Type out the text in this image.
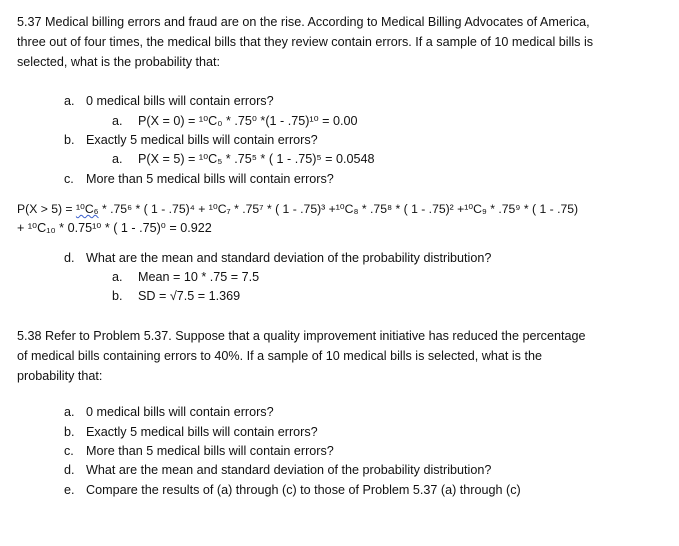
5.37 Medical billing errors and fraud are on the rise. According to Medical Billing Advocates of America,
three out of four times, the medical bills that they review contain errors. If a sample of 10 medical bills is
selected, what is the probability that:
a. 0 medical bills will contain errors?
a. P(X = 0) = ¹⁰C₀ * .75⁰ *(1 - .75)¹⁰ = 0.00
b. Exactly 5 medical bills will contain errors?
a. P(X = 5) = ¹⁰C₅ * .75⁵ * ( 1 - .75)⁵ = 0.0548
c. More than 5 medical bills will contain errors?
P(X > 5) = ¹⁰C₆ * .75⁶ * ( 1 - .75)⁴ + ¹⁰C₇ * .75⁷ * ( 1 - .75)³ +¹⁰C₈ * .75⁸ * ( 1 - .75)² +¹⁰C₉ * .75⁹ * ( 1 - .75)
+ ¹⁰C₁₀ * 0.75¹⁰ * ( 1 - .75)⁰ = 0.922
d. What are the mean and standard deviation of the probability distribution?
a. Mean = 10 * .75 = 7.5
b. SD = √7.5 = 1.369
5.38 Refer to Problem 5.37. Suppose that a quality improvement initiative has reduced the percentage
of medical bills containing errors to 40%. If a sample of 10 medical bills is selected, what is the
probability that:
a. 0 medical bills will contain errors?
b. Exactly 5 medical bills will contain errors?
c. More than 5 medical bills will contain errors?
d. What are the mean and standard deviation of the probability distribution?
e. Compare the results of (a) through (c) to those of Problem 5.37 (a) through (c)
